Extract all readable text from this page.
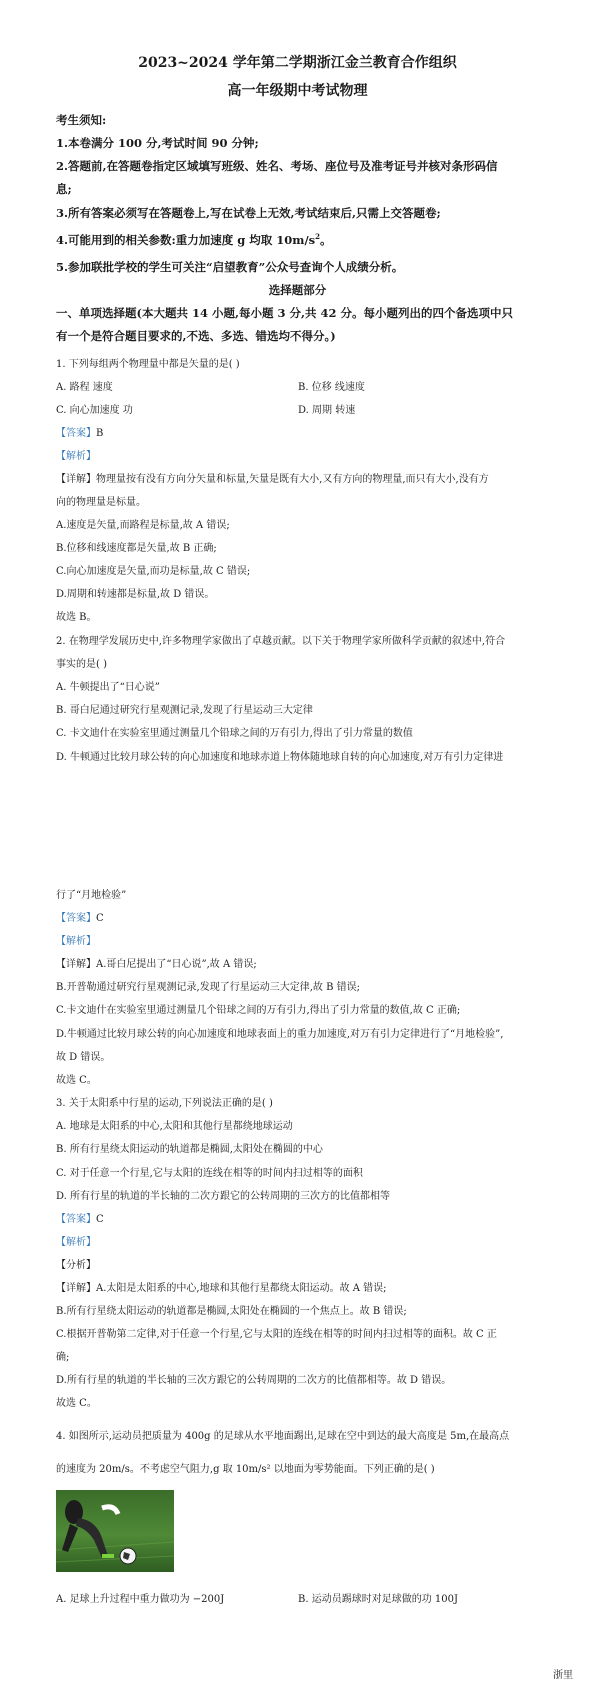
2023~2024 学年第二学期浙江金兰教育合作组织
高一年级期中考试物理
考生须知:
1.本卷满分 100 分,考试时间 90 分钟;
2.答题前,在答题卷指定区域填写班级、姓名、考场、座位号及准考证号并核对条形码信
息;
3.所有答案必须写在答题卷上,写在试卷上无效,考试结束后,只需上交答题卷;
4.可能用到的相关参数:重力加速度 g 均取 $10m/s^2$。
5.参加联批学校的学生可关注“启望教育”公众号查询个人成绩分析。
选择题部分
一、单项选择题(本大题共 14 小题,每小题 3 分,共 42 分。每小题列出的四个备选项中只
有一个是符合题目要求的,不选、多选、错选均不得分。)
1. 下列每组两个物理量中都是矢量的是( )
A. 路程 速度	B. 位移 线速度
C. 向心加速度 功	D. 周期 转速
【答案】B
【解析】
【详解】物理量按有没有方向分矢量和标量,矢量是既有大小,又有方向的物理量,而只有大小,没有方
向的物理量是标量。
A.速度是矢量,而路程是标量,故 A 错误;
B.位移和线速度都是矢量,故 B 正确;
C.向心加速度是矢量,而功是标量,故 C 错误;
D.周期和转速都是标量,故 D 错误。
故选 B。
2. 在物理学发展历史中,许多物理学家做出了卓越贡献。以下关于物理学家所做科学贡献的叙述中,符合
事实的是( )
A. 牛顿提出了“日心说”
B. 哥白尼通过研究行星观测记录,发现了行星运动三大定律
C. 卡文迪什在实验室里通过测量几个铅球之间的万有引力,得出了引力常量的数值
D. 牛顿通过比较月球公转的向心加速度和地球赤道上物体随地球自转的向心加速度,对万有引力定律进
行了“月地检验”
【答案】C
【解析】
【详解】A.哥白尼提出了“日心说”,故 A 错误;
B.开普勒通过研究行星观测记录,发现了行星运动三大定律,故 B 错误;
C.卡文迪什在实验室里通过测量几个铅球之间的万有引力,得出了引力常量的数值,故 C 正确;
D.牛顿通过比较月球公转的向心加速度和地球表面上的重力加速度,对万有引力定律进行了“月地检验”,
故 D 错误。
故选 C。
3. 关于太阳系中行星的运动,下列说法正确的是( )
A. 地球是太阳系的中心,太阳和其他行星都绕地球运动
B. 所有行星绕太阳运动的轨道都是椭圆,太阳处在椭圆的中心
C. 对于任意一个行星,它与太阳的连线在相等的时间内扫过相等的面积
D. 所有行星的轨道的半长轴的二次方跟它的公转周期的三次方的比值都相等
【答案】C
【解析】
【分析】
【详解】A.太阳是太阳系的中心,地球和其他行星都绕太阳运动。故 A 错误;
B.所有行星绕太阳运动的轨道都是椭圆,太阳处在椭圆的一个焦点上。故 B 错误;
C.根据开普勒第二定律,对于任意一个行星,它与太阳的连线在相等的时间内扫过相等的面积。故 C 正
确;
D.所有行星的轨道的半长轴的三次方跟它的公转周期的二次方的比值都相等。故 D 错误。
故选 C。
4. 如图所示,运动员把质量为 400g 的足球从水平地面踢出,足球在空中到达的最大高度是 5m,在最高点
的速度为 20m/s。不考虑空气阻力,g 取 10m/s² 以地面为零势能面。下列正确的是( )
A. 足球上升过程中重力做功为 −200J	B. 运动员踢球时对足球做的功 100J
浙里
